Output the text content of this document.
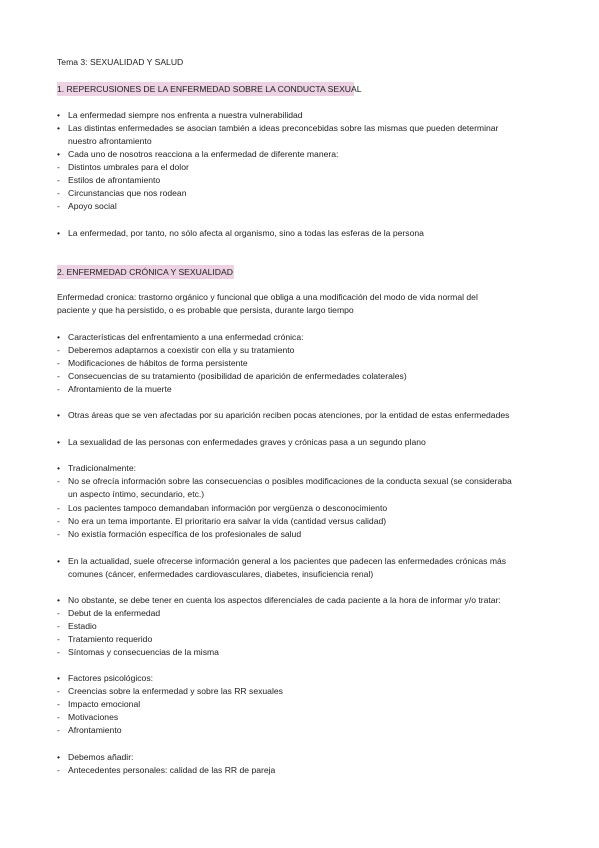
Tema 3: SEXUALIDAD Y SALUD
1. REPERCUSIONES DE LA ENFERMEDAD SOBRE LA CONDUCTA SEXUAL
• La enfermedad siempre nos enfrenta a nuestra vulnerabilidad
• Las distintas enfermedades se asocian también a ideas preconcebidas sobre las mismas que pueden determinar
nuestro afrontamiento
• Cada uno de nosotros reacciona a la enfermedad de diferente manera:
- Distintos umbrales para el dolor
- Estilos de afrontamiento
- Circunstancias que nos rodean
- Apoyo social
• La enfermedad, por tanto, no sólo afecta al organismo, sino a todas las esferas de la persona
2. ENFERMEDAD CRÓNICA Y SEXUALIDAD
Enfermedad cronica: trastorno orgánico y funcional que obliga a una modificación del modo de vida normal del
paciente y que ha persistido, o es probable que persista, durante largo tiempo
• Características del enfrentamiento a una enfermedad crónica:
- Deberemos adaptarnos a coexistir con ella y su tratamiento
- Modificaciones de hábitos de forma persistente
- Consecuencias de su tratamiento (posibilidad de aparición de enfermedades colaterales)
- Afrontamiento de la muerte
• Otras áreas que se ven afectadas por su aparición reciben pocas atenciones, por la entidad de estas enfermedades
• La sexualidad de las personas con enfermedades graves y crónicas pasa a un segundo plano
• Tradicionalmente:
- No se ofrecía información sobre las consecuencias o posibles modificaciones de la conducta sexual (se consideraba
un aspecto íntimo, secundario, etc.)
- Los pacientes tampoco demandaban información por vergüenza o desconocimiento
- No era un tema importante. El prioritario era salvar la vida (cantidad versus calidad)
- No existía formación específica de los profesionales de salud
• En la actualidad, suele ofrecerse información general a los pacientes que padecen las enfermedades crónicas más
comunes (cáncer, enfermedades cardiovasculares, diabetes, insuficiencia renal)
• No obstante, se debe tener en cuenta los aspectos diferenciales de cada paciente a la hora de informar y/o tratar:
- Debut de la enfermedad
- Estadio
- Tratamiento requerido
- Síntomas y consecuencias de la misma
• Factores psicológicos:
- Creencias sobre la enfermedad y sobre las RR sexuales
- Impacto emocional
- Motivaciones
- Afrontamiento
• Debemos añadir:
- Antecedentes personales: calidad de las RR de pareja
